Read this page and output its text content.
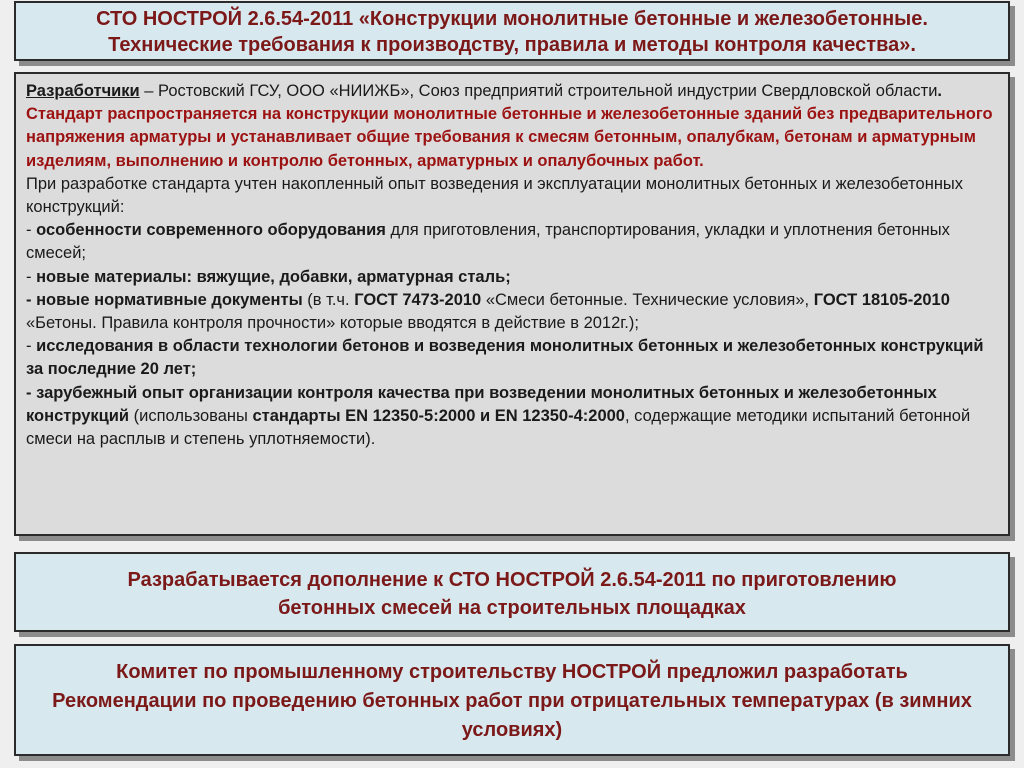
СТО НОСТРОЙ 2.6.54-2011 «Конструкции монолитные бетонные и железобетонные.
Технические требования к производству, правила и методы контроля качества».

Разработчики – Ростовский ГСУ, ООО «НИИЖБ», Союз предприятий строительной индустрии Свердловской области.

Стандарт распространяется на конструкции монолитные бетонные и железобетонные зданий без предварительного напряжения арматуры и устанавливает общие требования к смесям бетонным, опалубкам, бетонам и арматурным изделиям, выполнению и контролю бетонных, арматурных и опалубочных работ.

При разработке стандарта учтен накопленный опыт возведения и эксплуатации монолитных бетонных и железобетонных конструкций:

- особенности современного оборудования для приготовления, транспортирования, укладки и уплотнения бетонных смесей;

- новые материалы: вяжущие, добавки, арматурная сталь;

- новые нормативные документы (в т.ч. ГОСТ 7473-2010 «Смеси бетонные. Технические условия», ГОСТ 18105-2010 «Бетоны. Правила контроля прочности» которые вводятся в действие в 2012г.);

- исследования в области технологии бетонов и возведения монолитных бетонных и железобетонных конструкций за последние 20 лет;

- зарубежный опыт организации контроля качества при возведении монолитных бетонных и железобетонных конструкций (использованы стандарты EN 12350-5:2000 и EN 12350-4:2000, содержащие методики испытаний бетонной смеси на расплыв и степень уплотняемости).

Разрабатывается дополнение к СТО НОСТРОЙ 2.6.54-2011 по приготовлению
бетонных смесей на строительных площадках
Комитет по промышленному строительству НОСТРОЙ предложил разработать Рекомендации по проведению бетонных работ при отрицательных температурах (в зимних условиях)
